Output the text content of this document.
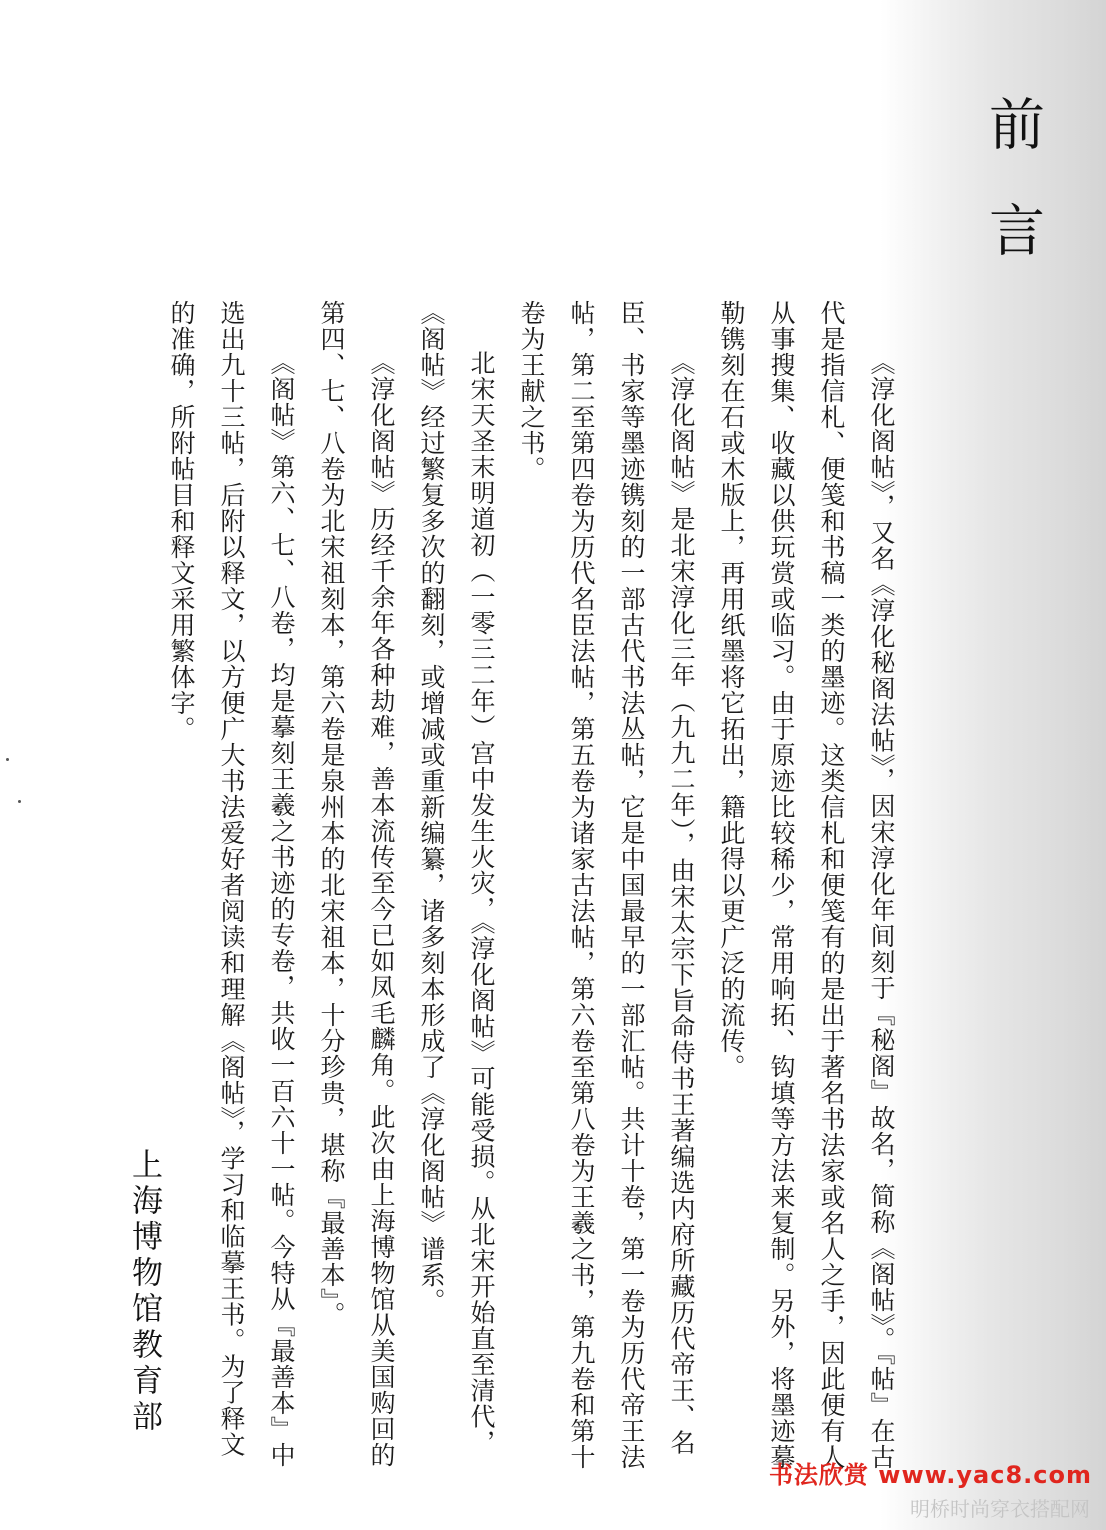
前言

《淳化阁帖》，又名《淳化秘阁法帖》，因宋淳化年间刻于『秘阁』故名，简称《阁帖》。『帖』在古代是指信札、便笺和书稿一类的墨迹。这类信札和便笺有的是出于著名书法家或名人之手，因此便有人从事搜集、收藏以供玩赏或临习。由于原迹比较稀少，常用响拓、钩填等方法来复制。另外，将墨迹摹勒镌刻在石或木版上，再用纸墨将它拓出，籍此得以更广泛的流传。

《淳化阁帖》是北宋淳化三年（九九二年），由宋太宗下旨命侍书王著编选内府所藏历代帝王、名臣、书家等墨迹镌刻的一部古代书法丛帖，它是中国最早的一部汇帖。共计十卷，第一卷为历代帝王法帖，第二至第四卷为历代名臣法帖，第五卷为诸家古法帖，第六卷至第八卷为王羲之书，第九卷和第十卷为王献之书。

北宋天圣末明道初（一零三二年）宫中发生火灾，《淳化阁帖》可能受损。从北宋开始直至清代，《阁帖》经过繁复多次的翻刻，或增减或重新编纂，诸多刻本形成了《淳化阁帖》谱系。

《淳化阁帖》历经千余年各种劫难，善本流传至今已如凤毛麟角。此次由上海博物馆从美国购回的第四、七、八卷为北宋祖刻本，第六卷是泉州本的北宋祖本，十分珍贵，堪称『最善本』。

《阁帖》第六、七、八卷，均是摹刻王羲之书迹的专卷，共收一百六十一帖。今特从『最善本』中选出九十三帖，后附以释文，以方便广大书法爱好者阅读和理解《阁帖》，学习和临摹王书。为了释文的准确，所附帖目和释文采用繁体字。

上海博物馆教育部
书法欣赏 www.yac8.com
明桥时尚穿衣搭配网
